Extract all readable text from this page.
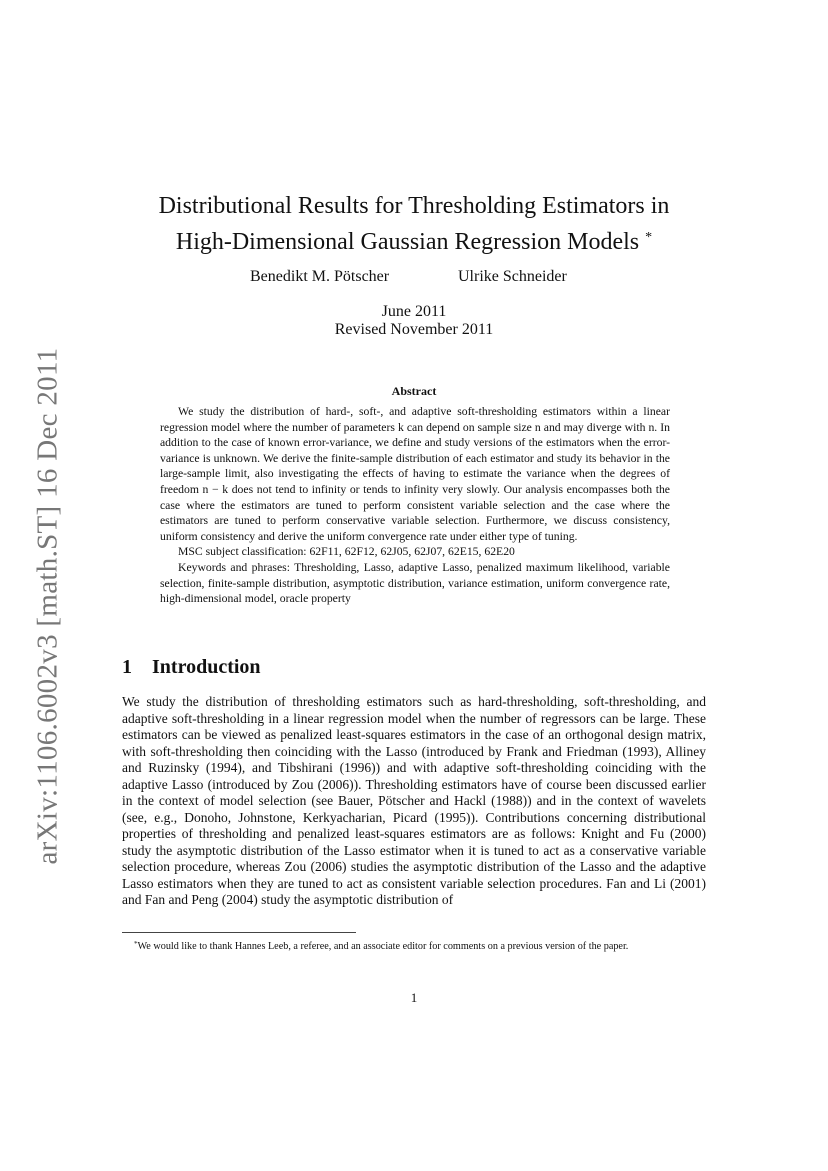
arXiv:1106.6002v3 [math.ST] 16 Dec 2011
Distributional Results for Thresholding Estimators in
High-Dimensional Gaussian Regression Models *
Benedikt M. Pötscher	Ulrike Schneider
June 2011
Revised November 2011
Abstract

We study the distribution of hard-, soft-, and adaptive soft-thresholding estimators within a linear regression model where the number of parameters k can depend on sample size n and may diverge with n. In addition to the case of known error-variance, we define and study versions of the estimators when the error-variance is unknown. We derive the finite-sample distribution of each estimator and study its behavior in the large-sample limit, also investigating the effects of having to estimate the variance when the degrees of freedom n − k does not tend to infinity or tends to infinity very slowly. Our analysis encompasses both the case where the estimators are tuned to perform consistent variable selection and the case where the estimators are tuned to perform conservative variable selection. Furthermore, we discuss consistency, uniform consistency and derive the uniform convergence rate under either type of tuning.

MSC subject classification: 62F11, 62F12, 62J05, 62J07, 62E15, 62E20

Keywords and phrases: Thresholding, Lasso, adaptive Lasso, penalized maximum likelihood, variable selection, finite-sample distribution, asymptotic distribution, variance estimation, uniform convergence rate, high-dimensional model, oracle property

1 Introduction

We study the distribution of thresholding estimators such as hard-thresholding, soft-thresholding, and adaptive soft-thresholding in a linear regression model when the number of regressors can be large. These estimators can be viewed as penalized least-squares estimators in the case of an orthogonal design matrix, with soft-thresholding then coinciding with the Lasso (introduced by Frank and Friedman (1993), Alliney and Ruzinsky (1994), and Tibshirani (1996)) and with adaptive soft-thresholding coinciding with the adaptive Lasso (introduced by Zou (2006)). Thresholding estimators have of course been discussed earlier in the context of model selection (see Bauer, Pötscher and Hackl (1988)) and in the context of wavelets (see, e.g., Donoho, Johnstone, Kerkyacharian, Picard (1995)). Contributions concerning distributional properties of thresholding and penalized least-squares estimators are as follows: Knight and Fu (2000) study the asymptotic distribution of the Lasso estimator when it is tuned to act as a conservative variable selection procedure, whereas Zou (2006) studies the asymptotic distribution of the Lasso and the adaptive Lasso estimators when they are tuned to act as consistent variable selection procedures. Fan and Li (2001) and Fan and Peng (2004) study the asymptotic distribution of

*We would like to thank Hannes Leeb, a referee, and an associate editor for comments on a previous version of the paper.

1
